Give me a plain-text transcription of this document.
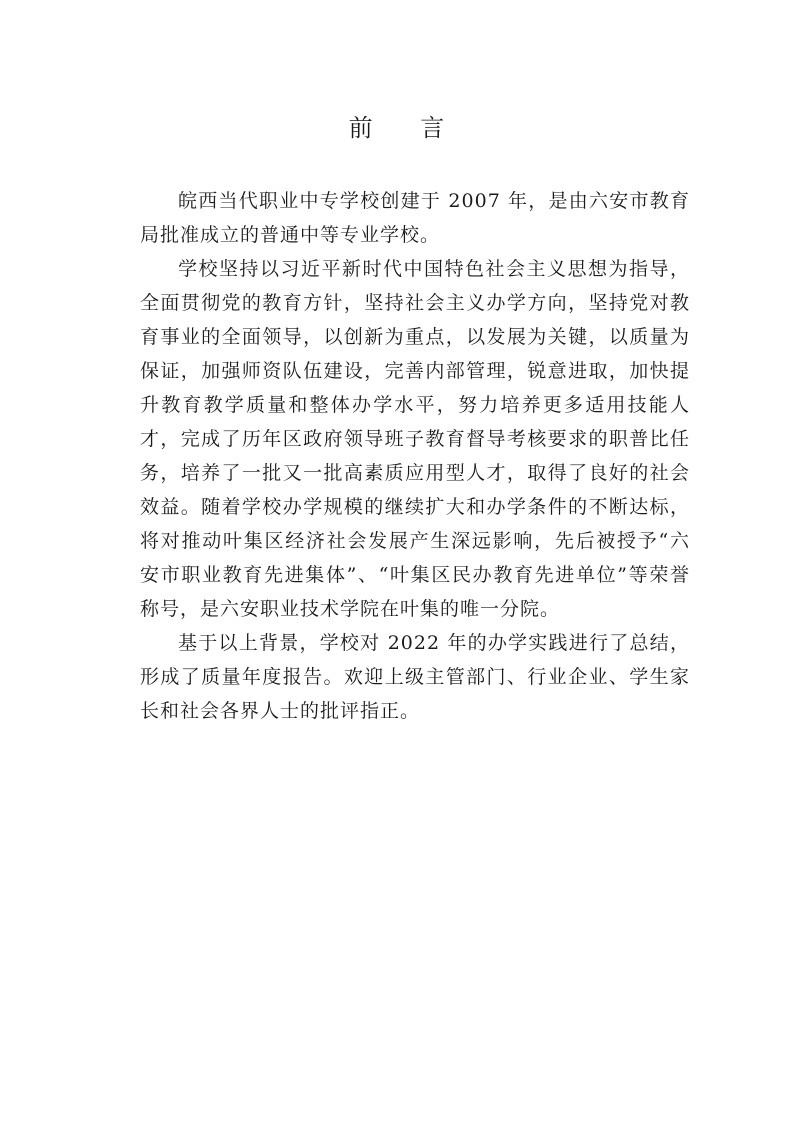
前 言

皖西当代职业中专学校创建于 2007 年，是由六安市教育局批准成立的普通中等专业学校。

学校坚持以习近平新时代中国特色社会主义思想为指导，全面贯彻党的教育方针，坚持社会主义办学方向，坚持党对教育事业的全面领导，以创新为重点，以发展为关键，以质量为保证，加强师资队伍建设，完善内部管理，锐意进取，加快提升教育教学质量和整体办学水平，努力培养更多适用技能人才，完成了历年区政府领导班子教育督导考核要求的职普比任务，培养了一批又一批高素质应用型人才，取得了良好的社会效益。随着学校办学规模的继续扩大和办学条件的不断达标，将对推动叶集区经济社会发展产生深远影响，先后被授予“六安市职业教育先进集体”、“叶集区民办教育先进单位”等荣誉称号，是六安职业技术学院在叶集的唯一分院。

基于以上背景，学校对 2022 年的办学实践进行了总结，形成了质量年度报告。欢迎上级主管部门、行业企业、学生家长和社会各界人士的批评指正。
